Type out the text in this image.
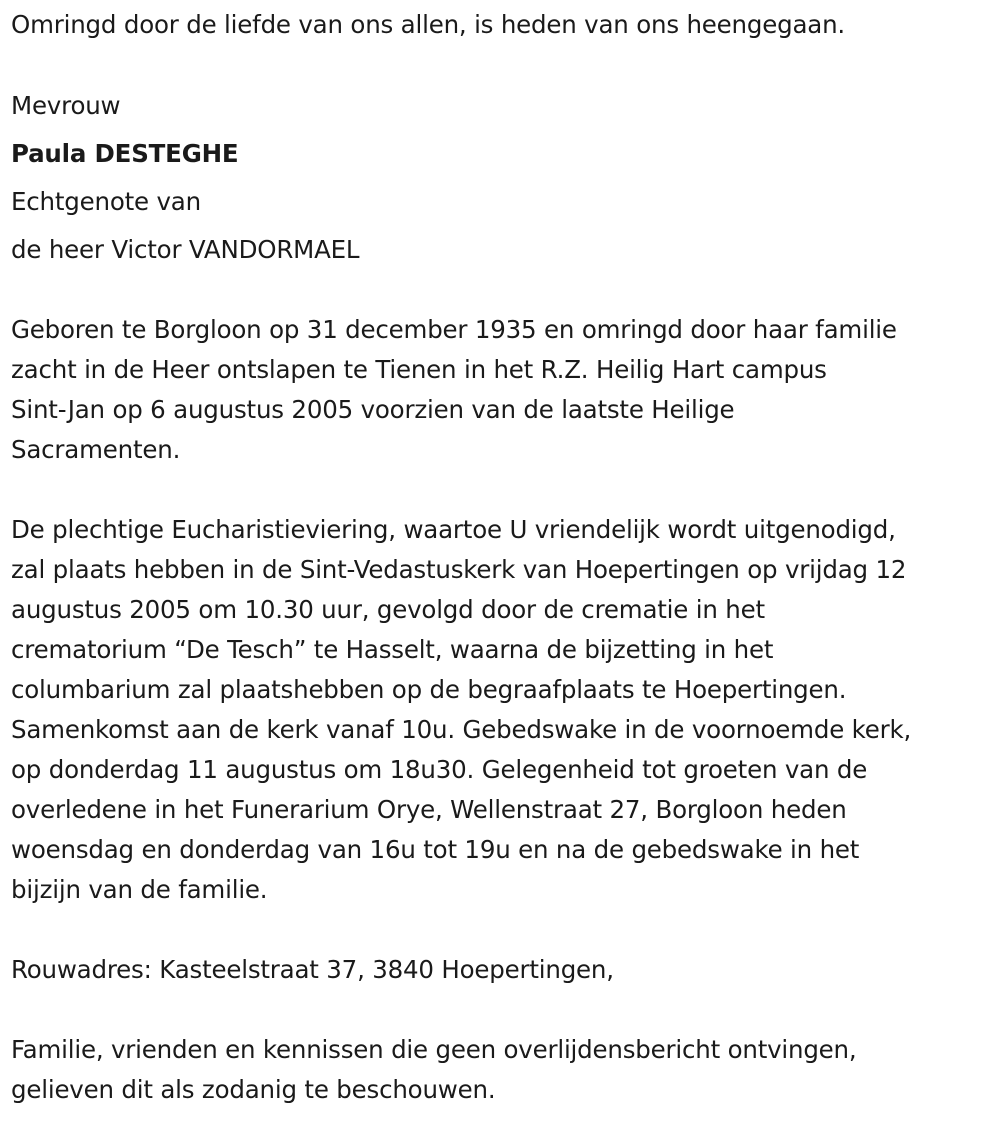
Omringd door de liefde van ons allen, is heden van ons heengegaan.
Mevrouw
Paula DESTEGHE
Echtgenote van
de heer Victor VANDORMAEL
Geboren te Borgloon op 31 december 1935 en omringd door haar familie
zacht in de Heer ontslapen te Tienen in het R.Z. Heilig Hart campus
Sint-Jan op 6 augustus 2005 voorzien van de laatste Heilige
Sacramenten.
De plechtige Eucharistieviering, waartoe U vriendelijk wordt uitgenodigd,
zal plaats hebben in de Sint-Vedastuskerk van Hoepertingen op vrijdag 12
augustus 2005 om 10.30 uur, gevolgd door de crematie in het
crematorium “De Tesch” te Hasselt, waarna de bijzetting in het
columbarium zal plaatshebben op de begraafplaats te Hoepertingen.
Samenkomst aan de kerk vanaf 10u. Gebedswake in de voornoemde kerk,
op donderdag 11 augustus om 18u30. Gelegenheid tot groeten van de
overledene in het Funerarium Orye, Wellenstraat 27, Borgloon heden
woensdag en donderdag van 16u tot 19u en na de gebedswake in het
bijzijn van de familie.
Rouwadres: Kasteelstraat 37, 3840 Hoepertingen,
Familie, vrienden en kennissen die geen overlijdensbericht ontvingen,
gelieven dit als zodanig te beschouwen.
